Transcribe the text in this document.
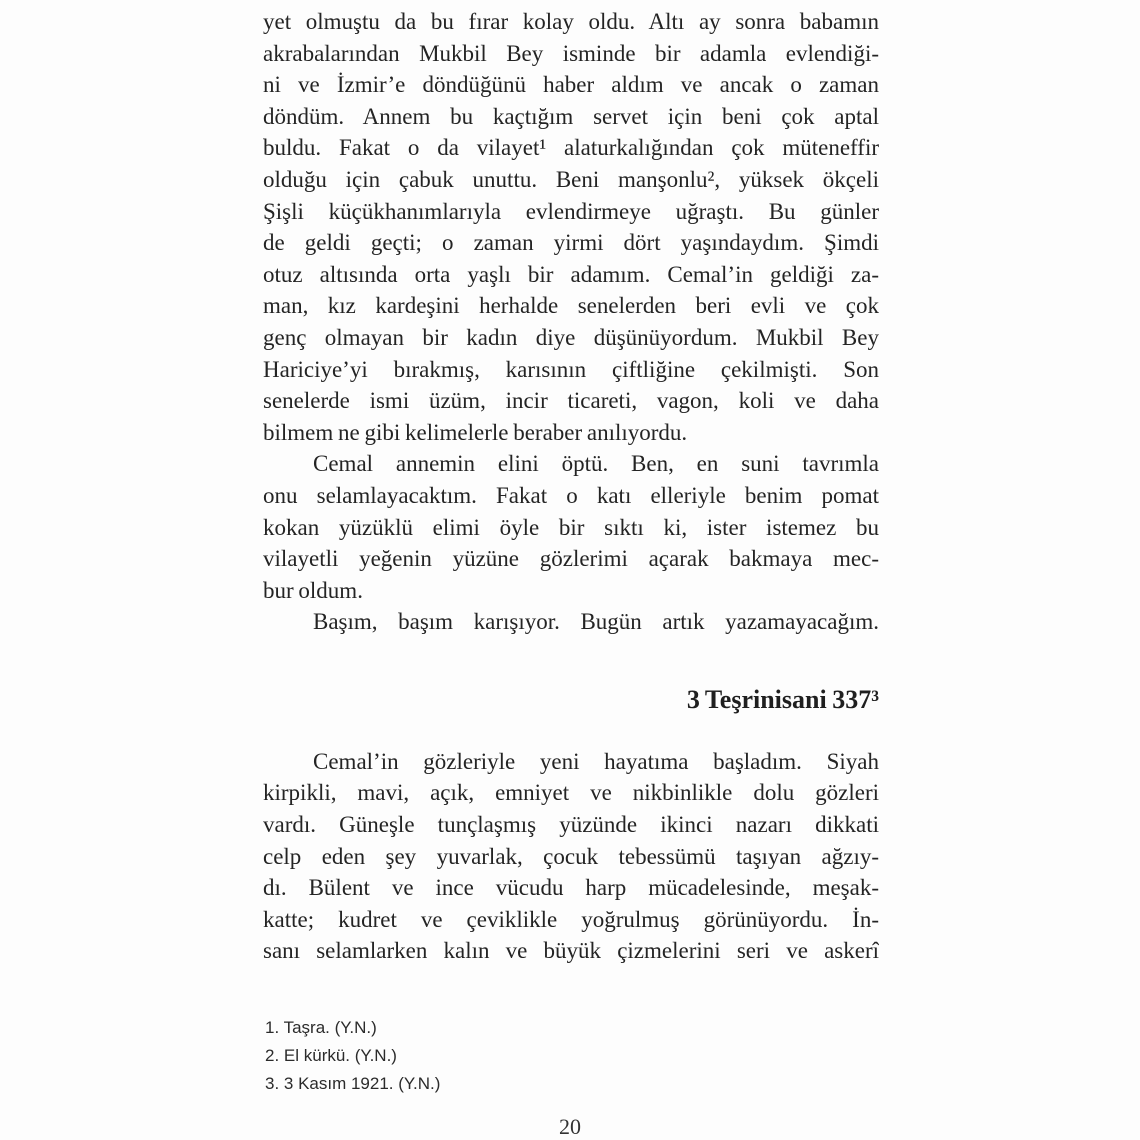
yet olmuştu da bu fırar kolay oldu. Altı ay sonra babamın
akrabalarından Mukbil Bey isminde bir adamla evlendiği-
ni ve İzmir’e döndüğünü haber aldım ve ancak o zaman
döndüm. Annem bu kaçtığım servet için beni çok aptal
buldu. Fakat o da vilayet¹ alaturkalığından çok müteneffir
olduğu için çabuk unuttu. Beni manşonlu², yüksek ökçeli
Şişli küçükhanımlarıyla evlendirmeye uğraştı. Bu günler
de geldi geçti; o zaman yirmi dört yaşındaydım. Şimdi
otuz altısında orta yaşlı bir adamım. Cemal’in geldiği za-
man, kız kardeşini herhalde senelerden beri evli ve çok
genç olmayan bir kadın diye düşünüyordum. Mukbil Bey
Hariciye’yi bırakmış, karısının çiftliğine çekilmişti. Son
senelerde ismi üzüm, incir ticareti, vagon, koli ve daha
bilmem ne gibi kelimelerle beraber anılıyordu.
Cemal annemin elini öptü. Ben, en suni tavrımla
onu selamlayacaktım. Fakat o katı elleriyle benim pomat
kokan yüzüklü elimi öyle bir sıktı ki, ister istemez bu
vilayetli yeğenin yüzüne gözlerimi açarak bakmaya mec-
bur oldum.
Başım, başım karışıyor. Bugün artık yazamayacağım.
3 Teşrinisani 337³
Cemal’in gözleriyle yeni hayatıma başladım. Siyah
kirpikli, mavi, açık, emniyet ve nikbinlikle dolu gözleri
vardı. Güneşle tunçlaşmış yüzünde ikinci nazarı dikkati
celp eden şey yuvarlak, çocuk tebessümü taşıyan ağzıy-
dı. Bülent ve ince vücudu harp mücadelesinde, meşak-
katte; kudret ve çeviklikle yoğrulmuş görünüyordu. İn-
sanı selamlarken kalın ve büyük çizmelerini seri ve askerî
1. Taşra. (Y.N.)
2. El kürkü. (Y.N.)
3. 3 Kasım 1921. (Y.N.)
20
